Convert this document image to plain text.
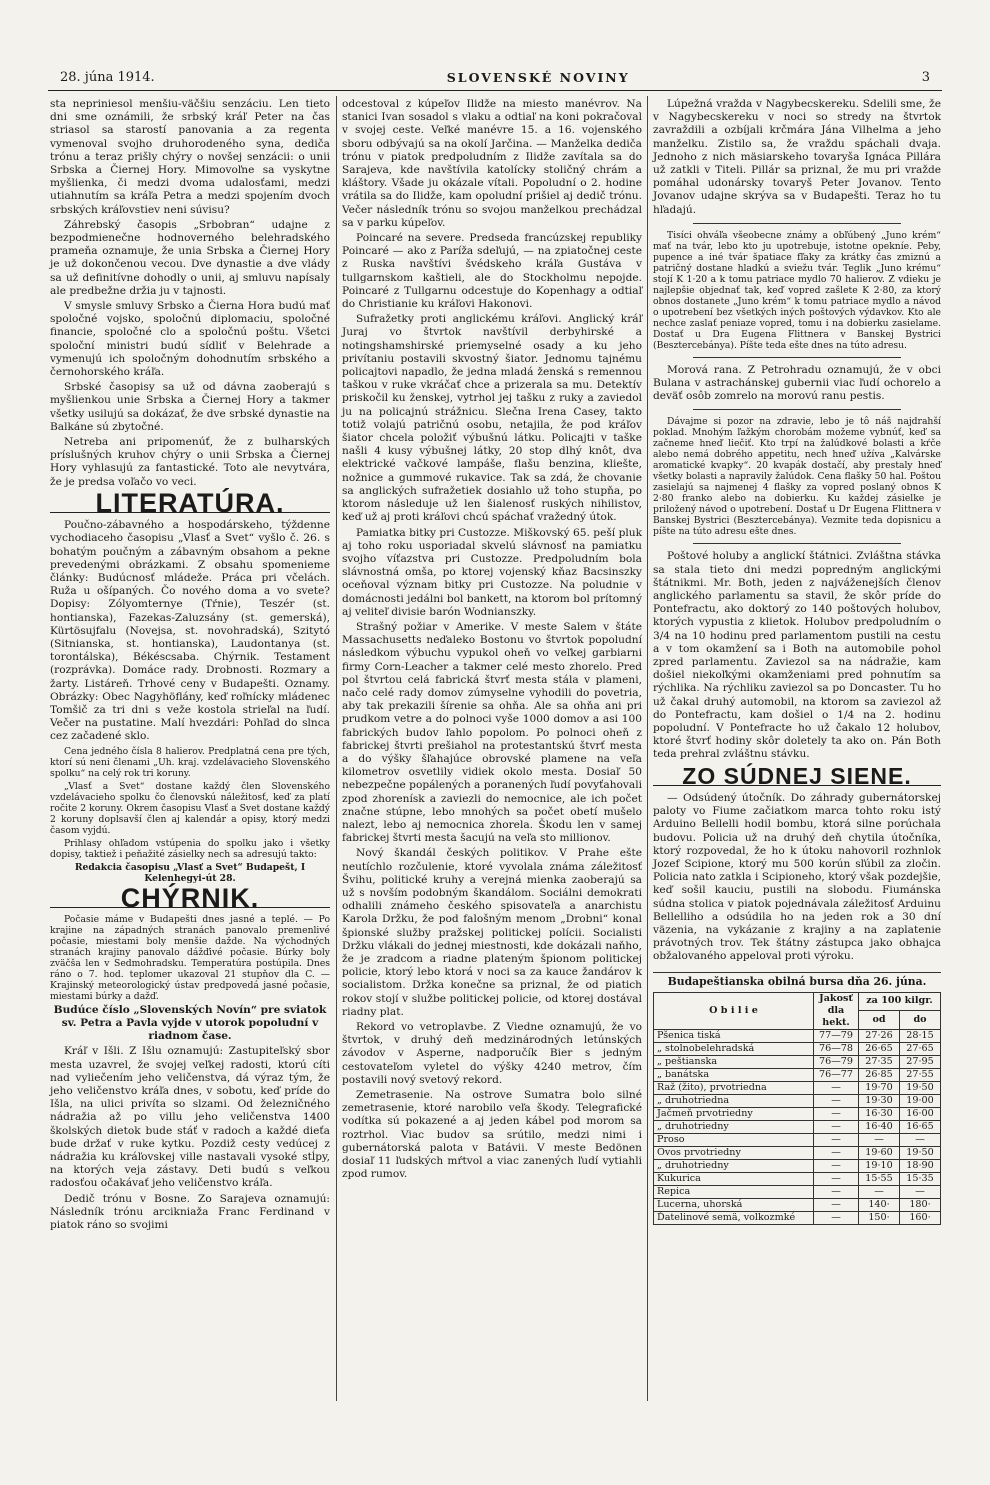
28. júna 1914.	SLOVENSKÉ NOVINY	3

sta nepriniesol menšiu-väčšiu senzáciu. Len tieto dni sme oznámili, že srbský kráľ Peter na čas striasol sa starostí panovania a za regenta vymenoval svojho druhorodeného syna, dediča trónu a teraz prišly chýry o novšej senzácii: o unii Srbska a Čiernej Hory. Mimovoľne sa vyskytne myšlienka, či medzi dvoma udalosťami, medzi utiahnutím sa kráľa Petra a medzi spojením dvoch srbských kráľovstiev neni súvisu?

Záhrebský časopis „Srbobran“ udajne z bezpodmienečne hodnoverného belehradského prameňa oznamuje, že unia Srbska a Čiernej Hory je už dokončenou vecou. Dve dynastie a dve vlády sa už definitívne dohodly o unii, aj smluvu napísaly ale predbežne držia ju v tajnosti.

V smysle smluvy Srbsko a Čierna Hora budú mať spoločné vojsko, spoločnú diplomaciu, spoločné financie, spoločné clo a spoločnú poštu. Všetci spoloční ministri budú sídliť v Belehrade a vymenujú ich spoločným dohodnutím srbského a černohorského kráľa.

Srbské časopisy sa už od dávna zaoberajú s myšlienkou unie Srbska a Čiernej Hory a takmer všetky usilujú sa dokázať, že dve srbské dynastie na Balkáne sú zbytočné.

Netreba ani pripomenúť, že z bulharských príslušných kruhov chýry o unii Srbska a Čiernej Hory vyhlasujú za fantastické. Toto ale nevytvára, že je predsa voľačo vo veci.

LITERATÚRA.

Poučno-zábavného a hospodárskeho, týždenne vychodiaceho časopisu „Vlasť a Svet“ vyšlo č. 26. s bohatým poučným a zábavným obsahom a pekne prevedenými obrázkami. Z obsahu spomenieme články: Budúcnosť mládeže. Práca pri včelách. Ruža u ošípaných. Čo nového doma a vo svete? Dopisy: Zólyomternye (Tŕnie), Teszér (st. hontianska), Fazekas-Zaluzsány (st. gemerská), Kürtösujfalu (Novejsa, st. novohradská), Szitytó (Sitnianska, st. hontianska), Laudontanya (st. torontálska), Békéscsaba. Chýrnik. Testament (rozprávka). Domáce rady. Drobnosti. Rozmary a žarty. Listáreň. Trhové ceny v Budapešti. Oznamy. Obrázky: Obec Nagyhöflány, keď roľnícky mládenec Tomšič za tri dni s veže kostola strieľal na ľudí. Večer na pustatine. Malí hvezdári: Pohľad do slnca cez začadené sklo.

Cena jedného čísla 8 halierov. Predplatná cena pre tých, ktorí sú neni členami „Uh. kraj. vzdelávacieho Slovenského spolku“ na celý rok tri koruny.

„Vlasť a Svet“ dostane každý člen Slovenského vzdelávacieho spolku čo členovskú náležitosť, keď za platí ročite 2 koruny. Okrem časopisu Vlasť a Svet dostane každý 2 koruny doplsavší člen aj kalendár a opisy, ktorý medzi časom vyjdú.

Prihlasy ohľadom vstúpenia do spolku jako i všetky dopisy, taktiež i peňažité zásielky nech sa adresujú takto:

Redakcia časopisu „Vlasť a Svet“ Budapešt, I Kelenhegyi-út 28.

CHÝRNIK.

Počasie máme v Budapešti dnes jasné a teplé. — Po krajine na západných stranách panovalo premenlivé počasie, miestami boly menšie dažde. Na východných stranách krajiny panovalo dážďivé počasie. Búrky boly zväčša len v Sedmohradsku. Temperatúra postúpila. Dnes ráno o 7. hod. teplomer ukazoval 21 stupňov dla C. — Krajinský meteorologický ústav predpovedá jasné počasie, miestami búrky a dažď.

Budúce číslo „Slovenských Novín“ pre sviatok sv. Petra a Pavla vyjde v utorok popoludní v riadnom čase.

Kráľ v Išli. Z Išlu oznamujú: Zastupiteľský sbor mesta uzavrel, že svojej veľkej radosti, ktorú cíti nad vyliečením jeho veličenstva, dá výraz tým, že jeho veličenstvo kráľa dnes, v sobotu, keď príde do Išla, na ulici privíta so slzami. Od železničného nádražia až po villu jeho veličenstva 1400 školských dietok bude stáť v radoch a každé dieťa bude držať v ruke kytku. Pozdiž cesty vedúcej z nádražia ku kráľovskej ville nastavali vysoké stĺpy, na ktorých veja zástavy. Deti budú s veľkou radosťou očakávať jeho veličenstvo kráľa.

Dedič trónu v Bosne. Zo Sarajeva oznamujú: Následník trónu arcikniaža Franc Ferdinand v piatok ráno so svojimi

odcestoval z kúpeľov Ilidže na miesto manévrov. Na stanici Ivan sosadol s vlaku a odtiaľ na koni pokračoval v svojej ceste. Veľké manévre 15. a 16. vojenského sboru odbývajú sa na okolí Jarčina. — Manželka dediča trónu v piatok predpoludním z Ilidže zavítala sa do Sarajeva, kde navštívila katolícky stoličný chrám a kláštory. Všade ju okázale vítali. Popoludní o 2. hodine vrátila sa do Ilidže, kam opoludní prišiel aj dedič trónu. Večer následník trónu so svojou manželkou prechádzal sa v parku kúpeľov.

Poincaré na severe. Predseda francúzskej republiky Poincaré — ako z Paríža sdeľujú, — na zpiatočnej ceste z Ruska navštívi švédskeho kráľa Gustáva v tullgarnskom kaštieli, ale do Stockholmu nepojde. Poincaré z Tullgarnu odcestuje do Kopenhagy a odtiaľ do Christianie ku kráľovi Hakonovi.

Sufražetky proti anglickému kráľovi. Anglický kráľ Juraj vo štvrtok navštívil derbyhirské a notingshamshirské priemyselné osady a ku jeho privítaniu postavili skvostný šiator. Jednomu tajnému policajtovi napadlo, že jedna mladá ženská s remennou taškou v ruke vkráčať chce a prizerala sa mu. Detektív priskočil ku ženskej, vytrhol jej tašku z ruky a zaviedol ju na policajnú strážnicu. Slečna Irena Casey, takto totiž volajú patričnú osobu, netajila, že pod kráľov šiator chcela položiť výbušnú látku. Policajti v taške našli 4 kusy výbušnej látky, 20 stop dlhý knôt, dva elektrické vačkové lampáše, flašu benzina, kliešte, nožnice a gummové rukavice. Tak sa zdá, že chovanie sa anglických sufražetiek dosiahlo už toho stupňa, po ktorom následuje už len šialenosť ruských nihilistov, keď už aj proti kráľovi chcú spáchať vražedný útok.

Pamiatka bitky pri Custozze. Miškovský 65. peší pluk aj toho roku usporiadal skvelú slávnosť na pamiatku svojho víťazstva pri Custozze. Predpoludním bola slávnostná omša, po ktorej vojenský kňaz Bacsinszky oceňoval význam bitky pri Custozze. Na poludnie v domácnosti jedálni bol bankett, na ktorom bol prítomný aj veliteľ divisie barón Wodnianszky.

Strašný požiar v Amerike. V meste Salem v štáte Massachusetts neďaleko Bostonu vo štvrtok popoludní následkom výbuchu vypukol oheň vo veľkej garbiarni firmy Corn-Leacher a takmer celé mesto zhorelo. Pred pol štvrtou celá fabrická štvrť mesta stála v plameni, načo celé rady domov zúmyselne vyhodili do povetria, aby tak prekazili šírenie sa ohňa. Ale sa ohňa ani pri prudkom vetre a do polnoci vyše 1000 domov a asi 100 fabrických budov ľahlo popolom. Po polnoci oheň z fabrickej štvrti prešiahol na protestantskú štvrť mesta a do výšky šľahajúce obrovské plamene na veľa kilometrov osvetlily vidiek okolo mesta. Dosiaľ 50 nebezpečne popálených a poranených ľudí povyťahovali zpod zhorenísk a zaviezli do nemocnice, ale ich počet značne stúpne, lebo mnohých sa počet obetí mušelo nalezt, lebo aj nemocnica zhorela. Škodu len v samej fabrickej štvrti mesta šacujú na veľa sto millionov.

Nový škandál českých politikov. V Prahe ešte neutíchlo rozčulenie, ktoré vyvolala známa záležitosť Švihu, politické kruhy a verejná mienka zaoberajú sa už s novším podobným škandálom. Sociálni demokrati odhalili známeho českého spisovateľa a anarchistu Karola Držku, že pod falošným menom „Drobni“ konal špionské služby pražskej politickej polícii. Socialisti Držku vlákali do jednej miestnosti, kde dokázali naňho, že je zradcom a riadne plateným špionom politickej policie, ktorý lebo ktorá v noci sa za kauce žandárov k socialistom. Držka konečne sa priznal, že od piatich rokov stojí v službe politickej policie, od ktorej dostával riadny plat.

Rekord vo vetroplavbe. Z Viedne oznamujú, že vo štvrtok, v druhý deň medzinárodných letúnských závodov v Asperne, nadporučík Bier s jedným cestovateľom vyletel do výšky 4240 metrov, čím postavili nový svetový rekord.

Zemetrasenie. Na ostrove Sumatra bolo silné zemetrasenie, ktoré narobilo veľa škody. Telegrafické vodítka sú pokazené a aj jeden kábel pod morom sa roztrhol. Viac budov sa srútilo, medzi nimi i gubernátorská palota v Batávii. V meste Bedönen dosiaľ 11 ľudských mŕtvol a viac zanených ľudí vytiahli zpod rumov.

Lúpežná vražda v Nagybecskereku. Sdelili sme, že v Nagybecskereku v noci so stredy na štvrtok zavraždili a ozbíjali krčmára Jána Vilhelma a jeho manželku. Zistilo sa, že vraždu spáchali dvaja. Jednoho z nich mäsiarskeho tovaryša Ignáca Pillára už zatkli v Titeli. Pillár sa priznal, že mu pri vražde pomáhal udonársky tovaryš Peter Jovanov. Tento Jovanov udajne skrýva sa v Budapešti. Teraz ho tu hľadajú.

Tisíci ohváľa všeobecne známy a obľúbený „Juno krém“ mať na tvár, lebo kto ju upotrebuje, istotne opekníe. Peby, pupence a iné tvár špatiace fľaky za krátky čas zmiznú a patričný dostane hladkú a sviežu tvár. Teglik „Juno krému“ stojí K 1·20 a k tomu patriace mydlo 70 halierov. Z vdieku je najlepšie objednať tak, keď vopred zašlete K 2·80, za ktorý obnos dostanete „Juno krém“ k tomu patriace mydlo a návod o upotrebení bez všetkých iných poštových výdavkov. Kto ale nechce zaslať peniaze vopred, tomu i na dobierku zasielame. Dostať u Dra Eugena Flittnera v Banskej Bystrici (Besztercebánya). Píšte teda ešte dnes na túto adresu.

Morová rana. Z Petrohradu oznamujú, že v obci Bulana v astrachánskej gubernii viac ľudí ochorelo a deväť osôb zomrelo na morovú ranu pestis.

Dávajme si pozor na zdravie, lebo je tô náš najdrahší poklad. Mnohým ľažkým chorobám možeme vybnúť, keď sa začneme hneď liečiť. Kto trpí na žalúdkové bolasti a kŕče alebo nemá dobrého appetitu, nech hneď užíva „Kalvárske aromatické kvapky“. 20 kvapák dostačí, aby prestaly hneď všetky bolasti a napravily žalúdok. Cena flašky 50 hal. Poštou zasielajú sa najmenej 4 flašky za vopred poslaný obnos K 2·80 franko alebo na dobierku. Ku každej zásielke je priložený návod o upotrebení. Dostať u Dr Eugena Flittnera v Banskej Bystrici (Besztercebánya). Vezmite teda dopisnicu a píšte na túto adresu ešte dnes.

Poštové holuby a anglickí štátnici. Zvláštna stávka sa stala tieto dni medzi popredným anglickými štátnikmi. Mr. Both, jeden z najváženejších členov anglického parlamentu sa stavil, že skôr príde do Pontefractu, ako doktorý zo 140 poštových holubov, ktorých vypustia z klietok. Holubov predpoludním o 3/4 na 10 hodinu pred parlamentom pustili na cestu a v tom okamžení sa i Both na automobile pohol zpred parlamentu. Zaviezol sa na nádražie, kam došiel niekoľkými okamženiami pred pohnutím sa rýchlika. Na rýchliku zaviezol sa po Doncaster. Tu ho už čakal druhý automobil, na ktorom sa zaviezol až do Pontefractu, kam došiel o 1/4 na 2. hodinu popoludní. V Pontefracte ho už čakalo 12 holubov, ktoré štvrť hodiny skôr doletely ta ako on. Pán Both teda prehral zvláštnu stávku.

ZO SÚDNEJ SIENE.

— Odsúdený útočník. Do záhrady gubernátorskej paloty vo Fiume začiatkom marca tohto roku istý Arduino Bellelli hodil bombu, ktorá silne porúchala budovu. Policia už na druhý deň chytila útočníka, ktorý rozpovedal, že ho k útoku nahovoril rozhnlok Jozef Scipione, ktorý mu 500 korún sľúbil za zločin. Policia nato zatkla i Scipioneho, ktorý však pozdejšie, keď sošil kauciu, pustili na slobodu. Fiumánska súdna stolica v piatok pojednávala záležitosť Arduinu Bellelliho a odsúdila ho na jeden rok a 30 dní väzenia, na vykázanie z krajiny a na zaplatenie právotných trov. Tek štátny zástupca jako obhajca obžalovaného appeloval proti výroku.

Budapeštianska obilná bursa dňa 26. júna.
O b i l i e	Jakosť dla hekt.	za 100 kilgr.	
		od	do
Pšenica tiská	77—79	27·26	28·15
„ stolnobelehradská	76—78	26·65	27·65
„ peštianska	76—79	27·35	27·95
„ banátska	76—77	26·85	27·55
Raž (žito), prvotriedna	—	19·70	19·50
„ druhotriedna	—	19·30	19·00
Jačmeň prvotriedny	—	16·30	16·00
„ druhotriedny	—	16·40	16·65
Proso	—	—	—
Ovos prvotriedny	—	19·60	19·50
„ druhotriedny	—	19·10	18·90
Kukurica	—	15·55	15·35
Repica	—	—	—
Lucerna, uhorská	—	140·	180·
Ďatelinové semä, volkozmké	—	150·	160·
